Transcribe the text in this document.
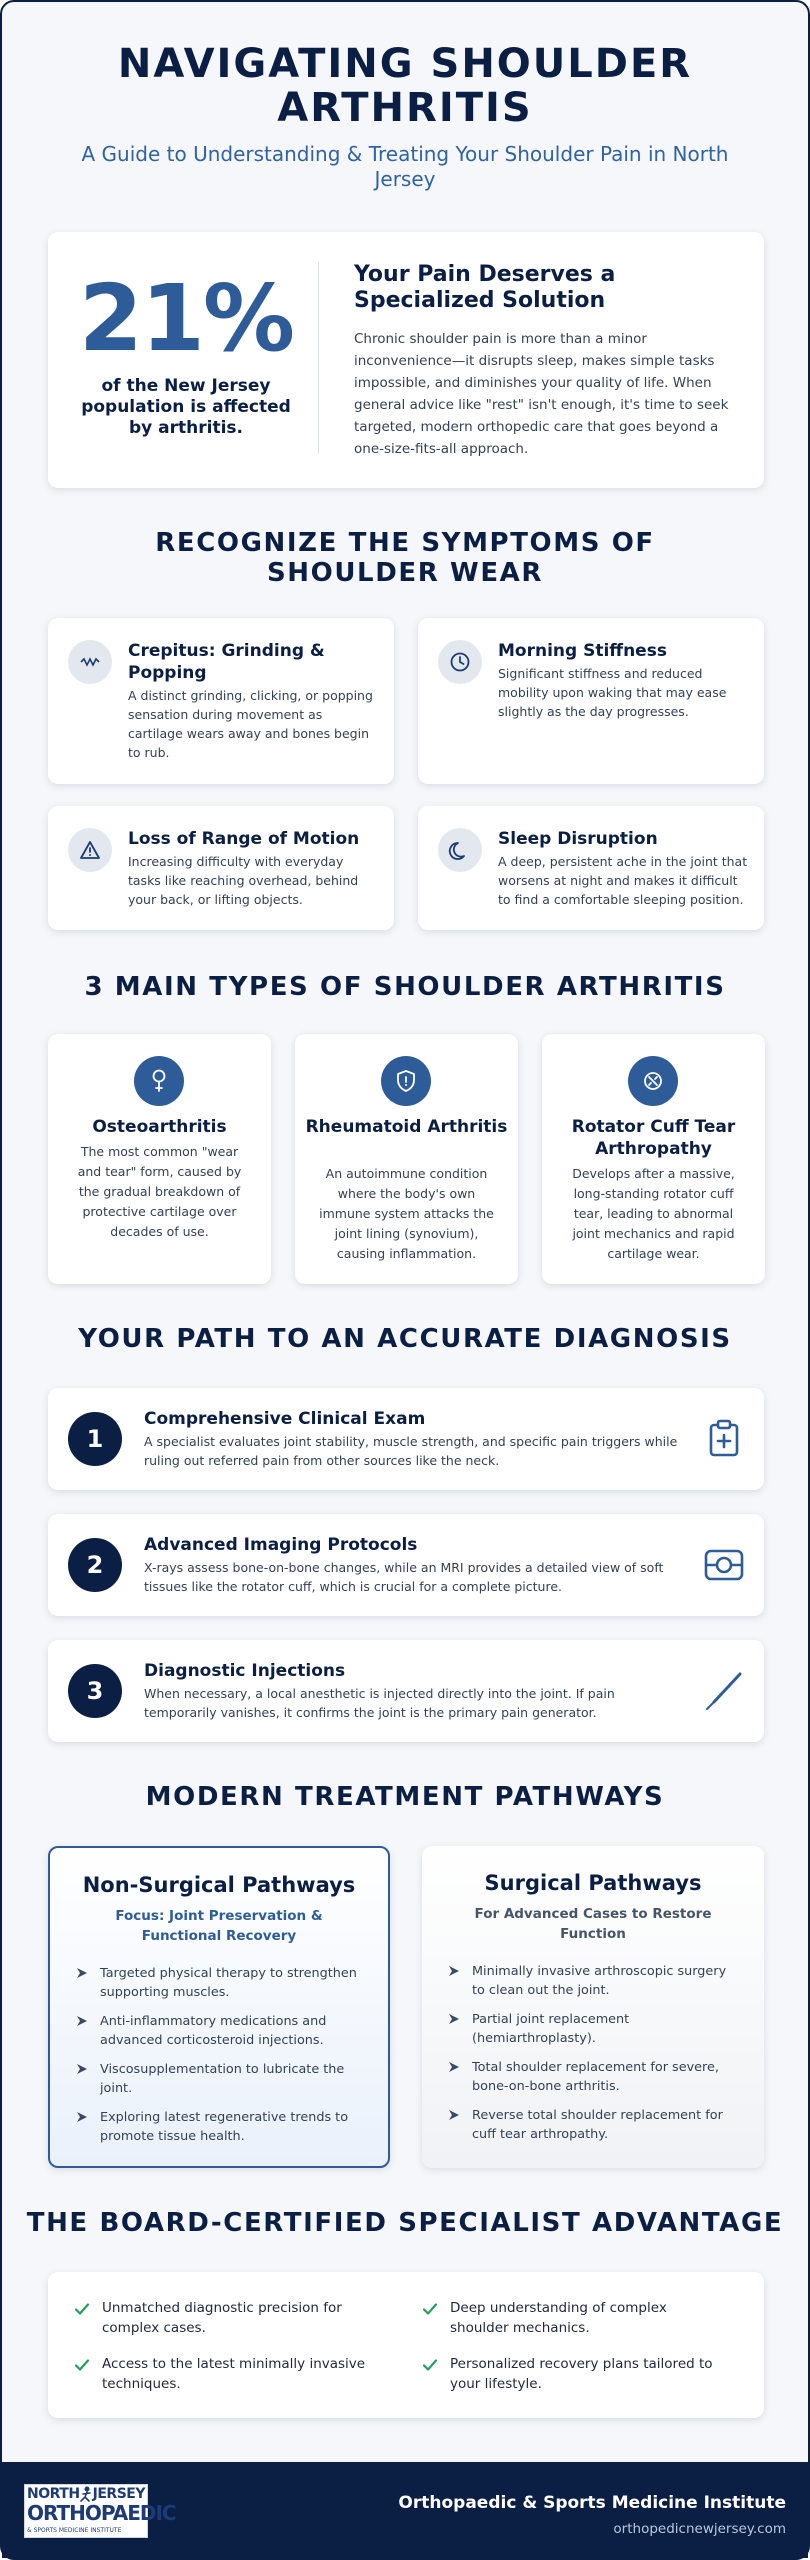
NAVIGATING SHOULDER ARTHRITIS

A Guide to Understanding & Treating Your Shoulder Pain in North Jersey

21%
of the New Jersey population is affected by arthritis.
Your Pain Deserves a Specialized Solution

Chronic shoulder pain is more than a minor inconvenience—it disrupts sleep, makes simple tasks impossible, and diminishes your quality of life. When general advice like "rest" isn't enough, it's time to seek targeted, modern orthopedic care that goes beyond a one-size-fits-all approach.

RECOGNIZE THE SYMPTOMS OF SHOULDER WEAR
Crepitus: Grinding & Popping

A distinct grinding, clicking, or popping sensation during movement as cartilage wears away and bones begin to rub.

Morning Stiffness

Significant stiffness and reduced mobility upon waking that may ease slightly as the day progresses.

Loss of Range of Motion

Increasing difficulty with everyday tasks like reaching overhead, behind your back, or lifting objects.

Sleep Disruption

A deep, persistent ache in the joint that worsens at night and makes it difficult to find a comfortable sleeping position.

3 MAIN TYPES OF SHOULDER ARTHRITIS
Osteoarthritis

The most common "wear and tear" form, caused by the gradual breakdown of protective cartilage over decades of use.

Rheumatoid Arthritis

An autoimmune condition where the body's own immune system attacks the joint lining (synovium), causing inflammation.

Rotator Cuff Tear Arthropathy

Develops after a massive, long-standing rotator cuff tear, leading to abnormal joint mechanics and rapid cartilage wear.

YOUR PATH TO AN ACCURATE DIAGNOSIS
1
Comprehensive Clinical Exam

A specialist evaluates joint stability, muscle strength, and specific pain triggers while ruling out referred pain from other sources like the neck.

2
Advanced Imaging Protocols

X-rays assess bone-on-bone changes, while an MRI provides a detailed view of soft tissues like the rotator cuff, which is crucial for a complete picture.

3
Diagnostic Injections

When necessary, a local anesthetic is injected directly into the joint. If pain temporarily vanishes, it confirms the joint is the primary pain generator.

MODERN TREATMENT PATHWAYS
Non-Surgical Pathways
Focus: Joint Preservation & Functional Recovery
Targeted physical therapy to strengthen supporting muscles.
Anti-inflammatory medications and advanced corticosteroid injections.
Viscosupplementation to lubricate the joint.
Exploring latest regenerative trends to promote tissue health.
Surgical Pathways
For Advanced Cases to Restore Function
Minimally invasive arthroscopic surgery to clean out the joint.
Partial joint replacement (hemiarthroplasty).
Total shoulder replacement for severe, bone-on-bone arthritis.
Reverse total shoulder replacement for cuff tear arthropathy.
THE BOARD-CERTIFIED SPECIALIST ADVANTAGE
Unmatched diagnostic precision for complex cases.
Deep understanding of complex shoulder mechanics.
Access to the latest minimally invasive techniques.
Personalized recovery plans tailored to your lifestyle.
NORTH JERSEY
ORTHOPAEDIC
& SPORTS MEDICINE INSTITUTE
Orthopaedic & Sports Medicine Institute
orthopedicnewjersey.com
